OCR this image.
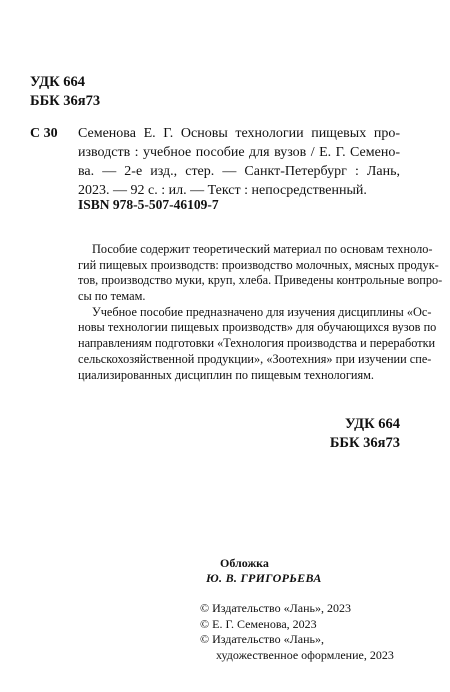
УДК 664
ББК 36я73
С 30 Семенова Е. Г. Основы технологии пищевых про-
изводств : учебное пособие для вузов / Е. Г. Семено-
ва. — 2-е изд., стер. — Санкт-Петербург : Лань,
2023. — 92 с. : ил. — Текст : непосредственный.
ISBN 978-5-507-46109-7
Пособие содержит теоретический материал по основам техноло-
гий пищевых производств: производство молочных, мясных продук-
тов, производство муки, круп, хлеба. Приведены контрольные вопро-
сы по темам.
Учебное пособие предназначено для изучения дисциплины «Ос-
новы технологии пищевых производств» для обучающихся вузов по
направлениям подготовки «Технология производства и переработки
сельскохозяйственной продукции», «Зоотехния» при изучении спе-
циализированных дисциплин по пищевым технологиям.
УДК 664
ББК 36я73
Обложка
Ю. В. ГРИГОРЬЕВА
© Издательство «Лань», 2023
© Е. Г. Семенова, 2023
© Издательство «Лань»,
художественное оформление, 2023
